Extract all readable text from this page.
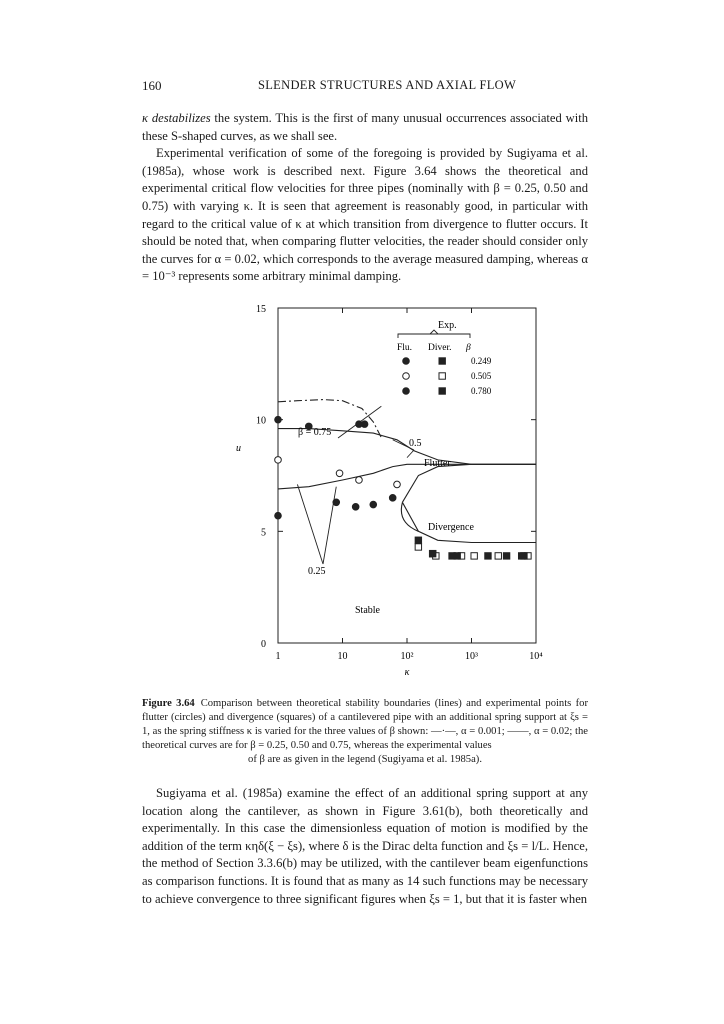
160	SLENDER STRUCTURES AND AXIAL FLOW

κ destabilizes the system. This is the first of many unusual occurrences associated with these S-shaped curves, as we shall see.

Experimental verification of some of the foregoing is provided by Sugiyama et al. (1985a), whose work is described next. Figure 3.64 shows the theoretical and experimental critical flow velocities for three pipes (nominally with β = 0.25, 0.50 and 0.75) with varying κ. It is seen that agreement is reasonably good, in particular with regard to the critical value of κ at which transition from divergence to flutter occurs. It should be noted that, when comparing flutter velocities, the reader should consider only the curves for α = 0.02, which corresponds to the average measured damping, whereas α = 10⁻³ represents some arbitrary minimal damping.

1	10	10²	10³	10⁴
0
5
10
15
κ
u
Exp.
Flu. Diver. β
0.249
0.505
0.780
Flutter
Divergence
Stable
β = 0.75
0.5
0.25
Figure 3.64 Comparison between theoretical stability boundaries (lines) and experimental points for flutter (circles) and divergence (squares) of a cantilevered pipe with an additional spring support at ξs = 1, as the spring stiffness κ is varied for the three values of β shown: —·—, α = 0.001; ——, α = 0.02; the theoretical curves are for β = 0.25, 0.50 and 0.75, whereas the experimental values
of β are as given in the legend (Sugiyama et al. 1985a).

Sugiyama et al. (1985a) examine the effect of an additional spring support at any location along the cantilever, as shown in Figure 3.61(b), both theoretically and experimentally. In this case the dimensionless equation of motion is modified by the addition of the term κηδ(ξ − ξs), where δ is the Dirac delta function and ξs = l/L. Hence, the method of Section 3.3.6(b) may be utilized, with the cantilever beam eigenfunctions as comparison functions. It is found that as many as 14 such functions may be necessary to achieve convergence to three significant figures when ξs = 1, but that it is faster when
